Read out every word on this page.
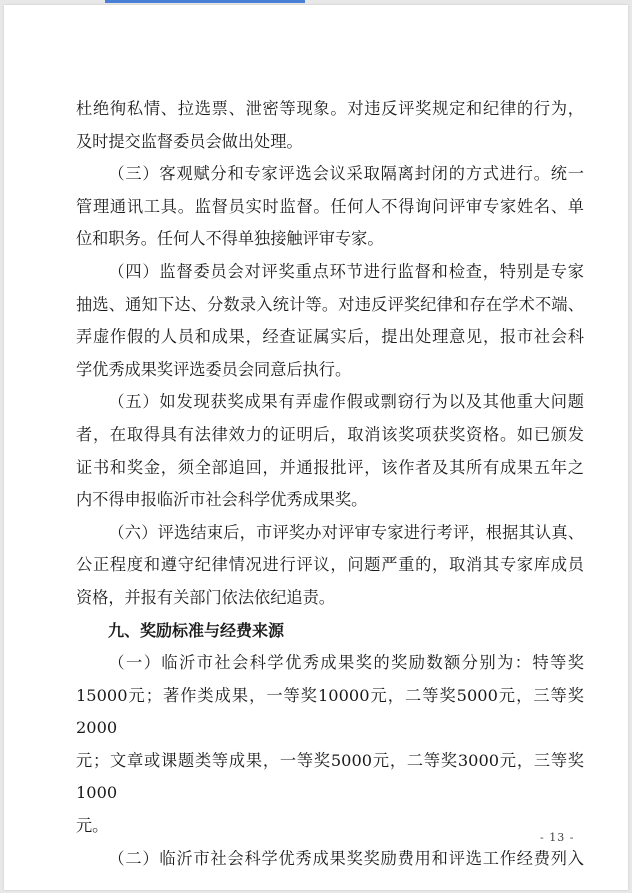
杜绝徇私情、拉选票、泄密等现象。对违反评奖规定和纪律的行为，

及时提交监督委员会做出处理。

（三）客观赋分和专家评选会议采取隔离封闭的方式进行。统一

管理通讯工具。监督员实时监督。任何人不得询问评审专家姓名、单

位和职务。任何人不得单独接触评审专家。

（四）监督委员会对评奖重点环节进行监督和检查，特别是专家

抽选、通知下达、分数录入统计等。对违反评奖纪律和存在学术不端、

弄虚作假的人员和成果，经查证属实后，提出处理意见，报市社会科

学优秀成果奖评选委员会同意后执行。

（五）如发现获奖成果有弄虚作假或剽窃行为以及其他重大问题

者，在取得具有法律效力的证明后，取消该奖项获奖资格。如已颁发

证书和奖金，须全部追回，并通报批评，该作者及其所有成果五年之

内不得申报临沂市社会科学优秀成果奖。

（六）评选结束后，市评奖办对评审专家进行考评，根据其认真、

公正程度和遵守纪律情况进行评议，问题严重的，取消其专家库成员

资格，并报有关部门依法依纪追责。

九、奖励标准与经费来源

（一）临沂市社会科学优秀成果奖的奖励数额分别为：特等奖

15000元；著作类成果，一等奖10000元，二等奖5000元，三等奖2000

元；文章或课题类等成果，一等奖5000元，二等奖3000元，三等奖1000

元。

（二）临沂市社会科学优秀成果奖奖励费用和评选工作经费列入

- 13 -
